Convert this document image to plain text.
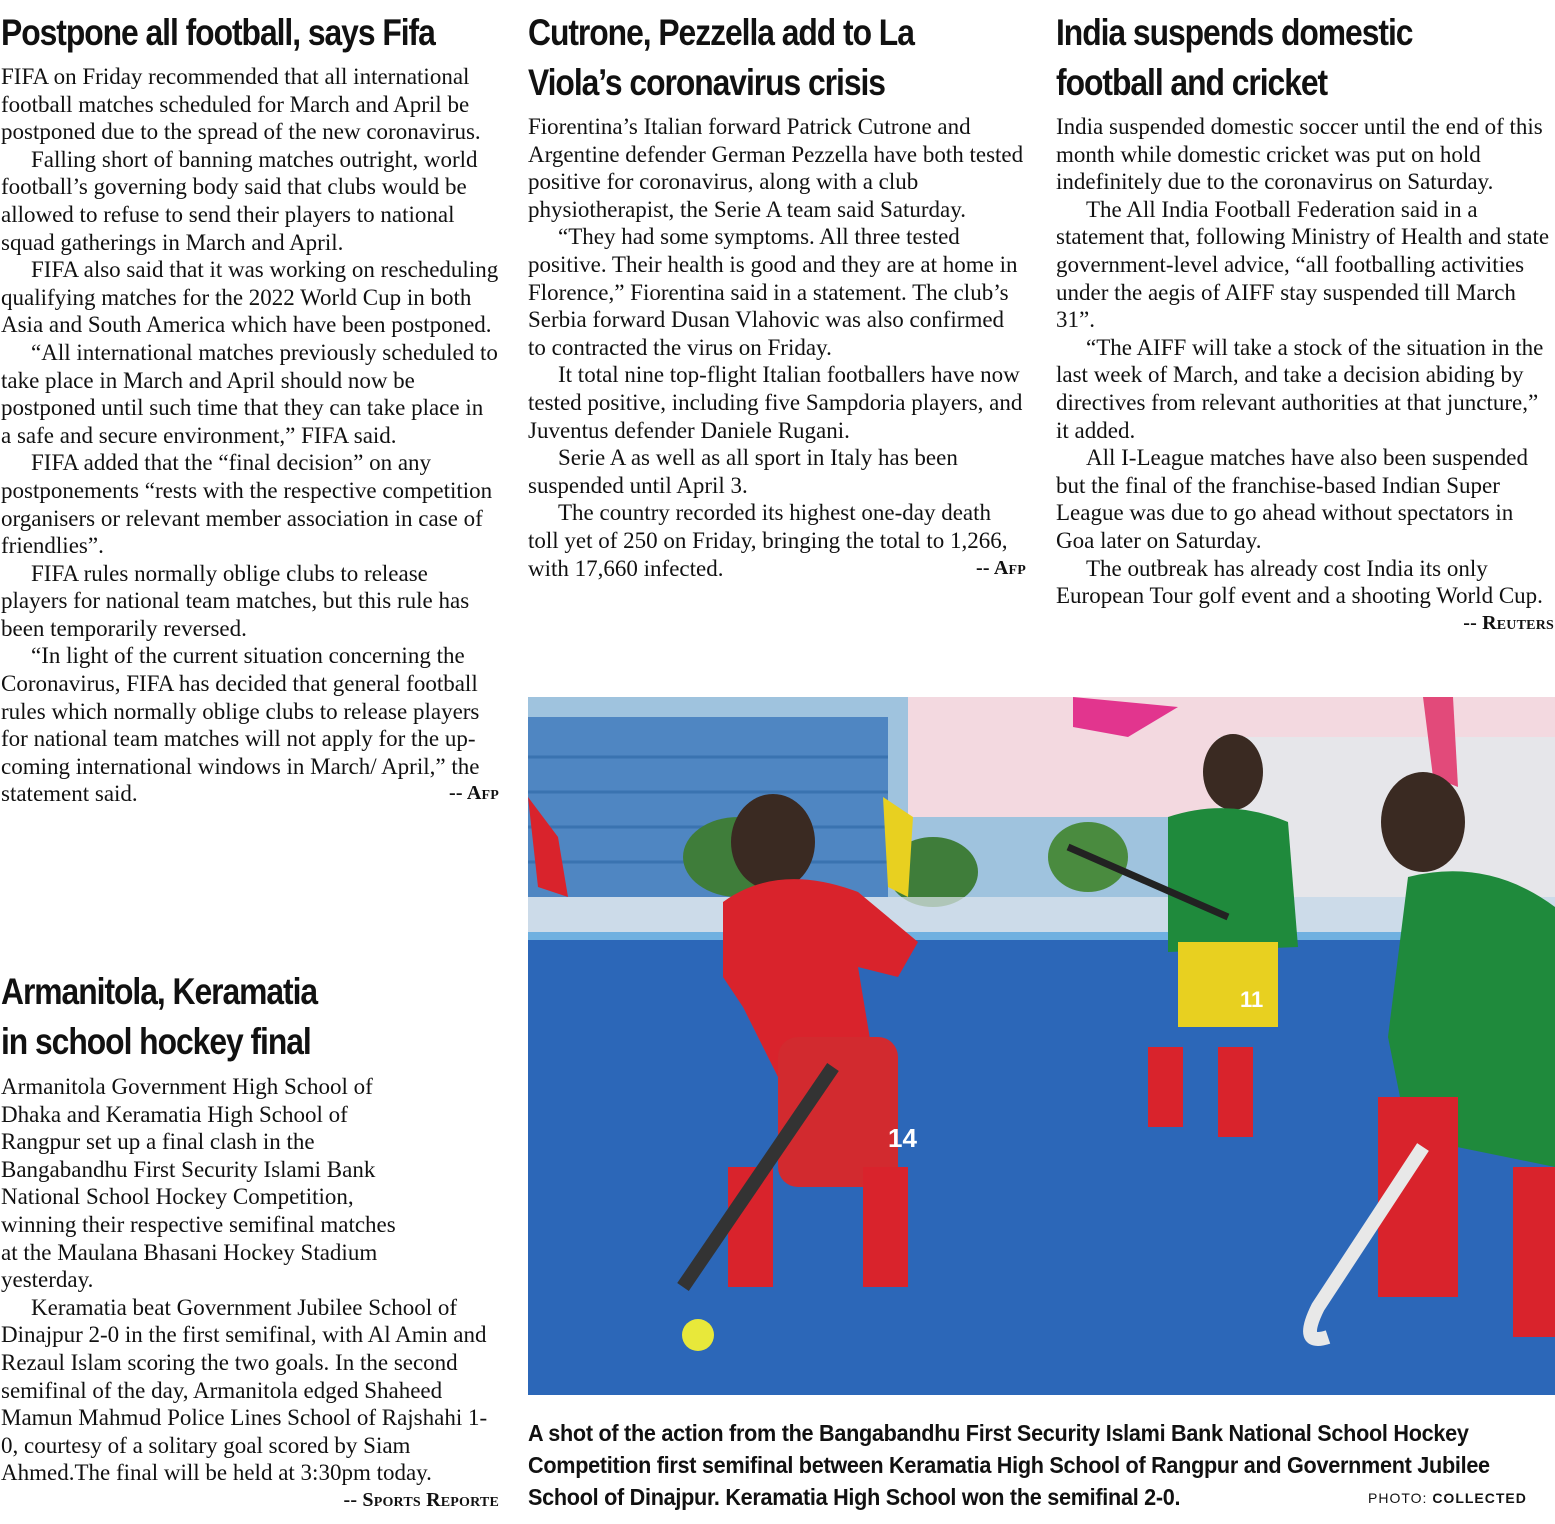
Postpone all football, says Fifa

FIFA on Friday recommended that all international football matches scheduled for March and April be postponed due to the spread of the new coronavirus.

Falling short of banning matches outright, world football’s governing body said that clubs would be allowed to refuse to send their players to national squad gatherings in March and April.

FIFA also said that it was working on rescheduling qualifying matches for the 2022 World Cup in both Asia and South America which have been postponed.

“All international matches previously scheduled to take place in March and April should now be postponed until such time that they can take place in a safe and secure environment,” FIFA said.

FIFA added that the “final decision” on any postponements “rests with the respective competition organisers or relevant member association in case of friendlies”.

FIFA rules normally oblige clubs to release players for national team matches, but this rule has been temporarily reversed.

“In light of the current situation concerning the Coronavirus, FIFA has decided that general football rules which normally oblige clubs to release players for national team matches will not apply for the up-coming international windows in March/ April,” the statement said.	-- Afp

Armanitola, Keramatia
in school hockey final

Armanitola Government High School of Dhaka and Keramatia High School of Rangpur set up a final clash in the Bangabandhu First Security Islami Bank National School Hockey Competition, winning their respective semifinal matches at the Maulana Bhasani Hockey Stadium yesterday.

Keramatia beat Government Jubilee School of Dinajpur 2-0 in the first semifinal, with Al Amin and Rezaul Islam scoring the two goals. In the second semifinal of the day, Armanitola edged Shaheed Mamun Mahmud Police Lines School of Rajshahi 1-0, courtesy of a solitary goal scored by Siam Ahmed.The final will be held at 3:30pm today.
-- Sports Reporte

Cutrone, Pezzella add to La
Viola’s coronavirus crisis

Fiorentina’s Italian forward Patrick Cutrone and Argentine defender German Pezzella have both tested positive for coronavirus, along with a club physiotherapist, the Serie A team said Saturday.

“They had some symptoms. All three tested positive. Their health is good and they are at home in Florence,” Fiorentina said in a statement. The club’s Serbia forward Dusan Vlahovic was also confirmed to contracted the virus on Friday.

It total nine top-flight Italian footballers have now tested positive, including five Sampdoria players, and Juventus defender Daniele Rugani.

Serie A as well as all sport in Italy has been suspended until April 3.

The country recorded its highest one-day death toll yet of 250 on Friday, bringing the total to 1,266, with 17,660 infected.	-- Afp

India suspends domestic
football and cricket

India suspended domestic soccer until the end of this month while domestic cricket was put on hold indefinitely due to the coronavirus on Saturday.

The All India Football Federation said in a statement that, following Ministry of Health and state government-level advice, “all footballing activities under the aegis of AIFF stay suspended till March 31”.

“The AIFF will take a stock of the situation in the last week of March, and take a decision abiding by directives from relevant authorities at that juncture,” it added.

All I-League matches have also been suspended but the final of the franchise-based Indian Super League was due to go ahead without spectators in Goa later on Saturday.

The outbreak has already cost India its only European Tour golf event and a shooting World Cup.
-- Reuters

14
11
A shot of the action from the Bangabandhu First Security Islami Bank National School Hockey Competition first semifinal between Keramatia High School of Rangpur and Government Jubilee School of Dinajpur. Keramatia High School won the semifinal 2-0.	PHOTO: COLLECTED
